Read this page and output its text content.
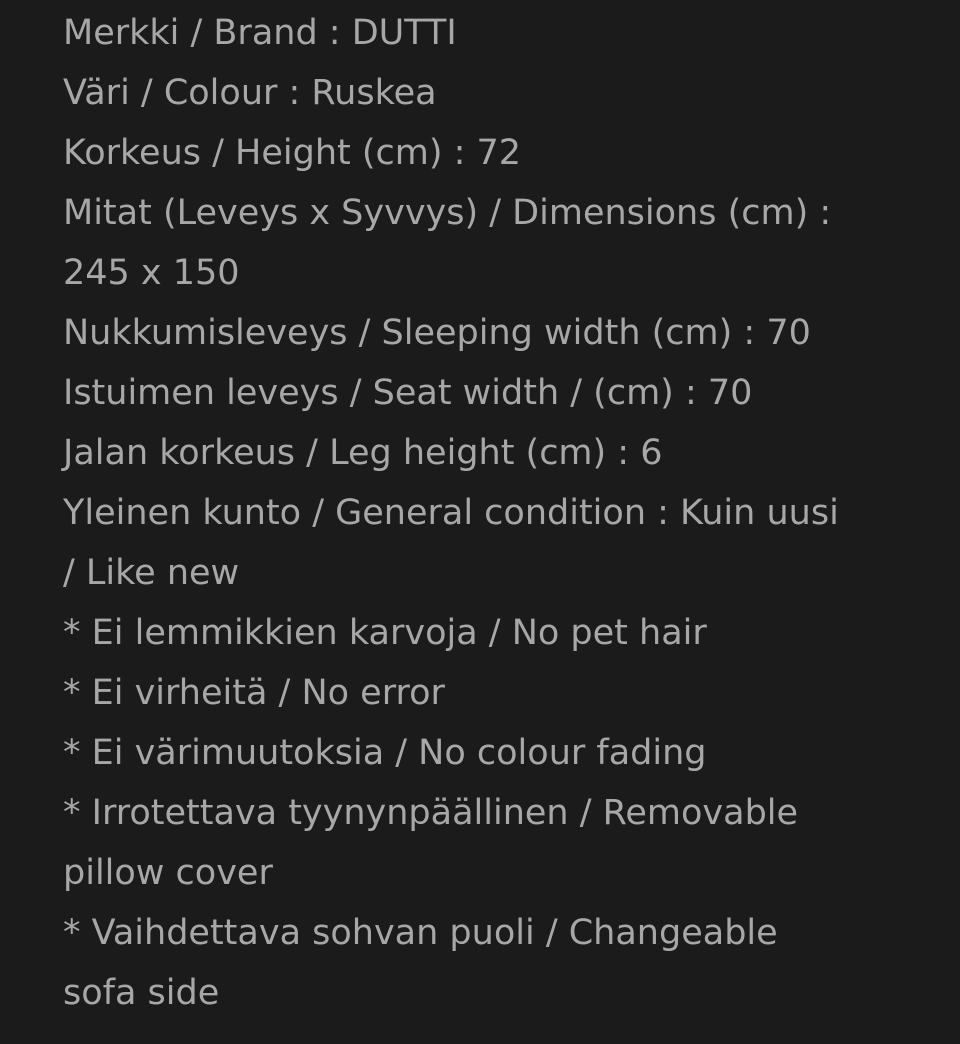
Merkki / Brand : DUTTI
Väri / Colour : Ruskea
Korkeus / Height (cm) : 72
Mitat (Leveys x Syvvys) / Dimensions (cm) :
245 x 150
Nukkumisleveys / Sleeping width (cm) : 70
Istuimen leveys / Seat width / (cm) : 70
Jalan korkeus / Leg height (cm) : 6
Yleinen kunto / General condition : Kuin uusi
/ Like new
* Ei lemmikkien karvoja / No pet hair
* Ei virheitä / No error
* Ei värimuutoksia / No colour fading
* Irrotettava tyynynpäällinen / Removable
pillow cover
* Vaihdettava sohvan puoli / Changeable
sofa side
